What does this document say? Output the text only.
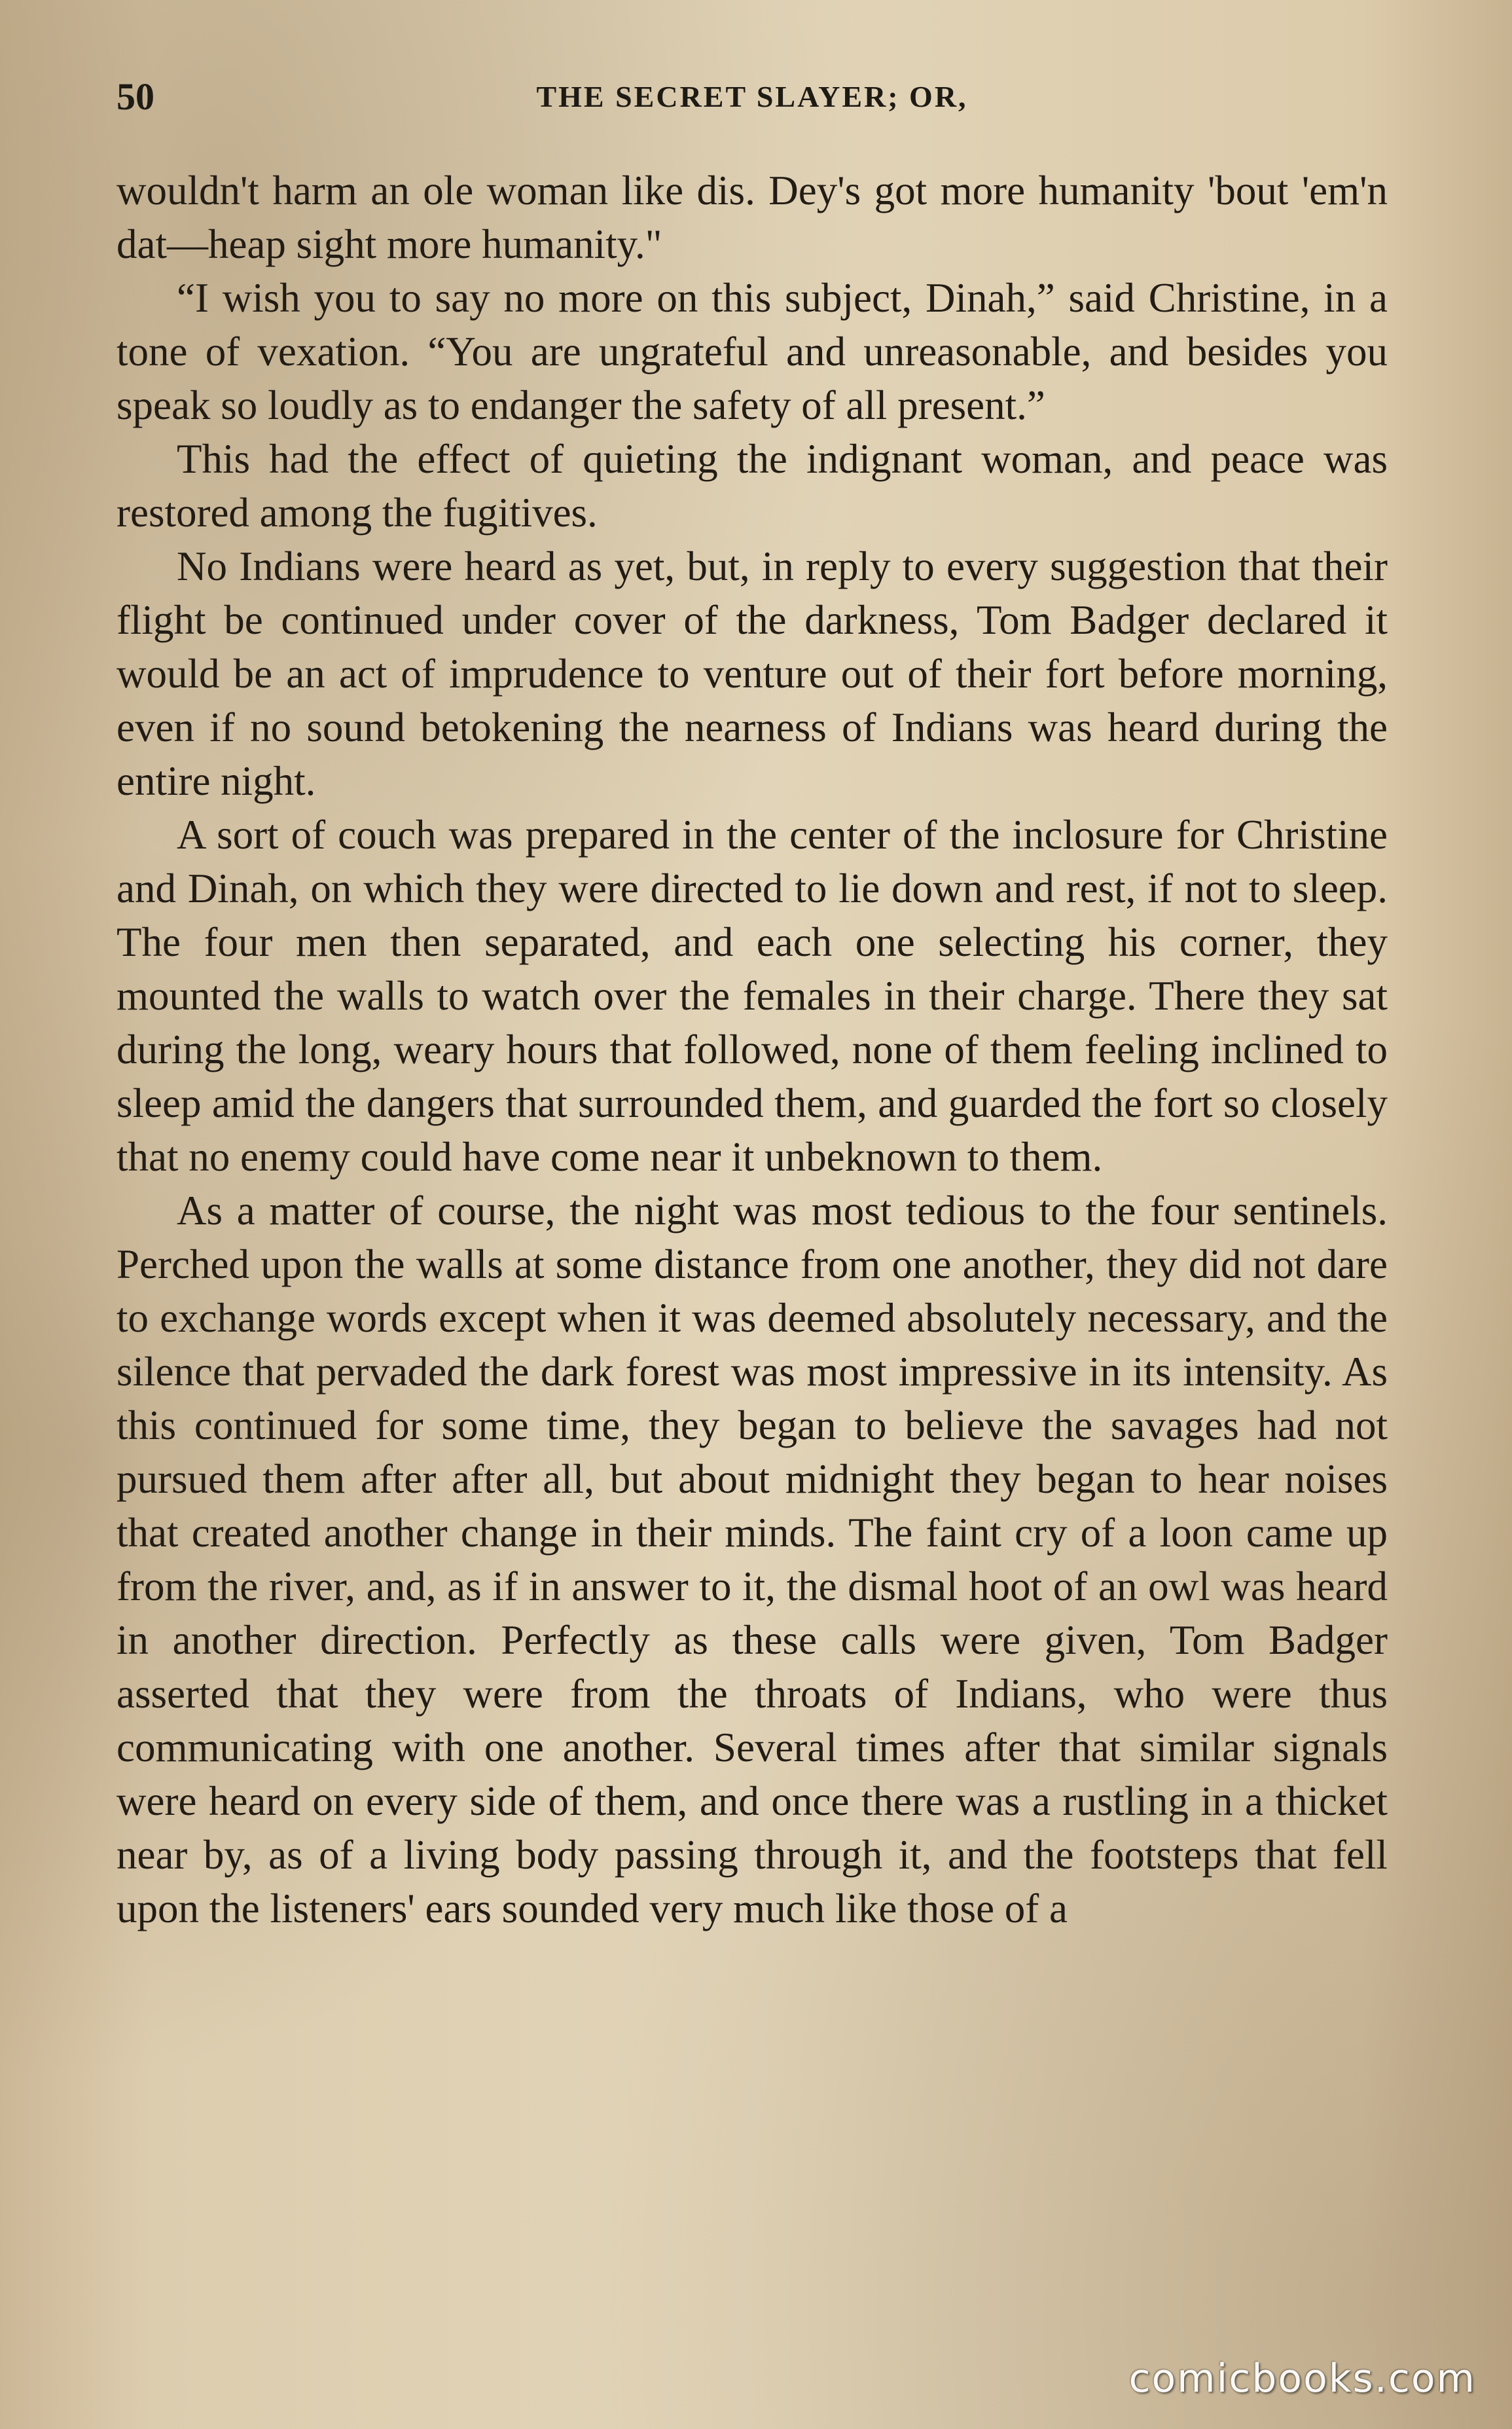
50	THE SECRET SLAYER; OR,

wouldn't harm an ole woman like dis. Dey's got more humanity 'bout 'em'n dat—heap sight more humanity."

“I wish you to say no more on this subject, Dinah,” said Christine, in a tone of vexation. “You are ungrateful and unreasonable, and besides you speak so loudly as to endanger the safety of all present.”

This had the effect of quieting the indignant woman, and peace was restored among the fugitives.

No Indians were heard as yet, but, in reply to every suggestion that their flight be continued under cover of the darkness, Tom Badger declared it would be an act of imprudence to venture out of their fort before morning, even if no sound betokening the nearness of Indians was heard during the entire night.

A sort of couch was prepared in the center of the inclosure for Christine and Dinah, on which they were directed to lie down and rest, if not to sleep. The four men then separated, and each one selecting his corner, they mounted the walls to watch over the females in their charge. There they sat during the long, weary hours that followed, none of them feeling inclined to sleep amid the dangers that surrounded them, and guarded the fort so closely that no enemy could have come near it unbeknown to them.

As a matter of course, the night was most tedious to the four sentinels. Perched upon the walls at some distance from one another, they did not dare to exchange words except when it was deemed absolutely necessary, and the silence that pervaded the dark forest was most impressive in its intensity. As this continued for some time, they began to believe the savages had not pursued them after after all, but about midnight they began to hear noises that created another change in their minds. The faint cry of a loon came up from the river, and, as if in answer to it, the dismal hoot of an owl was heard in another direction. Perfectly as these calls were given, Tom Badger asserted that they were from the throats of Indians, who were thus communicating with one another. Several times after that similar signals were heard on every side of them, and once there was a rustling in a thicket near by, as of a living body passing through it, and the footsteps that fell upon the listeners' ears sounded very much like those of a

comicbooks.com
